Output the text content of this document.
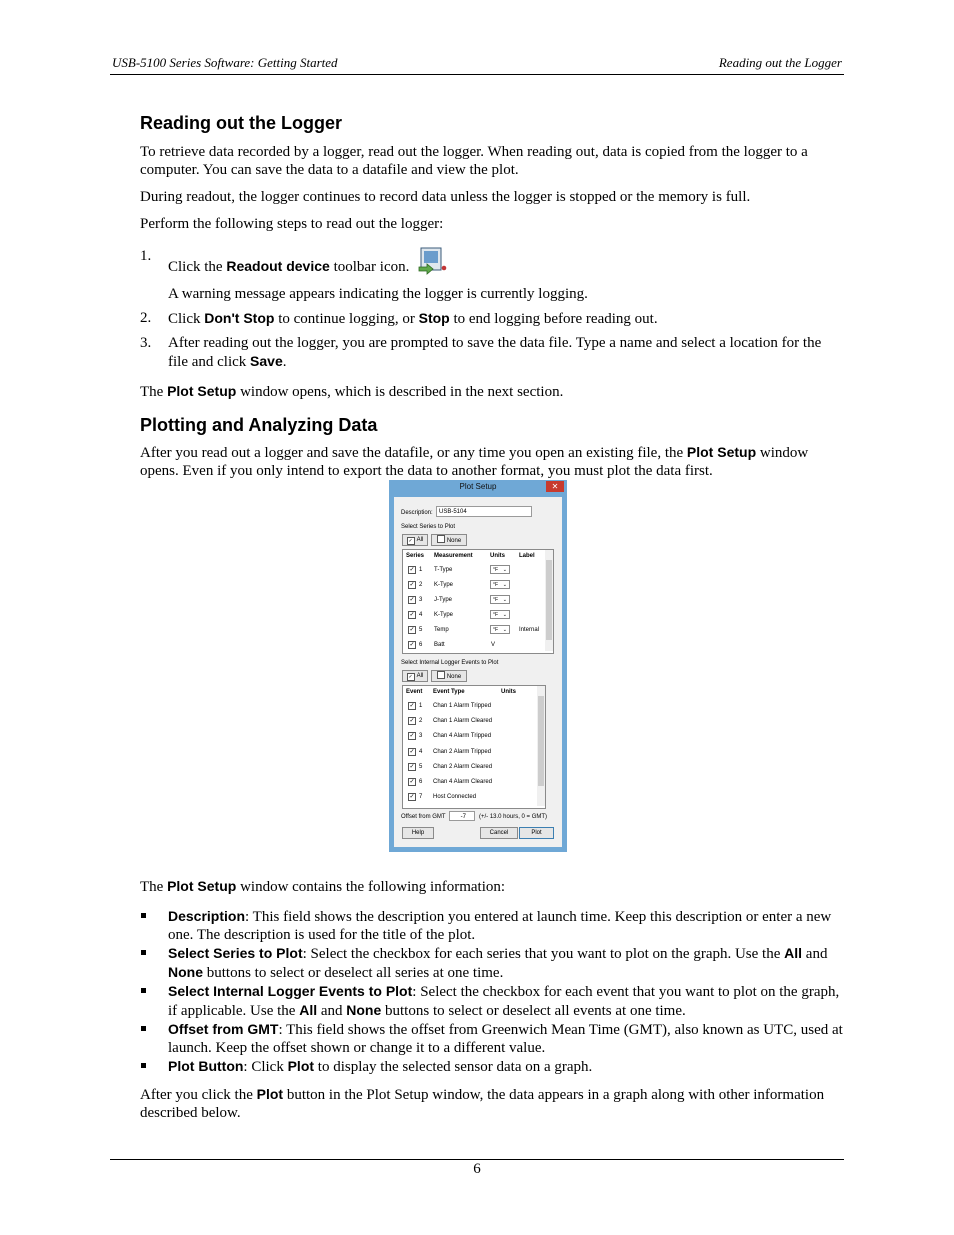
USB-5100 Series Software: Getting Started	Reading out the Logger
Reading out the Logger

To retrieve data recorded by a logger, read out the logger. When reading out, data is copied from the logger to a computer. You can save the data to a datafile and view the plot.

During readout, the logger continues to record data unless the logger is stopped or the memory is full.

Perform the following steps to read out the logger:

1.
Click the Readout device toolbar icon.
A warning message appears indicating the logger is currently logging.
2. Click Don't Stop to continue logging, or Stop to end logging before reading out.
3. After reading out the logger, you are prompted to save the data file. Type a name and select a location for the file and click Save.

The Plot Setup window opens, which is described in the next section.

Plotting and Analyzing Data

After you read out a logger and save the datafile, or any time you open an existing file, the Plot Setup window opens. Even if you only intend to export the data to another format, you must plot the data first.

The Plot Setup window contains the following information:

Description: This field shows the description you entered at launch time. Keep this description or enter a new one. The description is used for the title of the plot.
Select Series to Plot: Select the checkbox for each series that you want to plot on the graph. Use the All and None buttons to select or deselect all series at one time.
Select Internal Logger Events to Plot: Select the checkbox for each event that you want to plot on the graph, if applicable. Use the All and None buttons to select or deselect all events at one time.
Offset from GMT: This field shows the offset from Greenwich Mean Time (GMT), also known as UTC, used at launch. Keep the offset shown or change it to a different value.
Plot Button: Click Plot to display the selected sensor data on a graph.

After you click the Plot button in the Plot Setup window, the data appears in a graph along with other information described below.

Plot Setup	✕
Description:	USB-5104
Select Series to Plot
✓ All	None
Series Measurement	Units Label
✓ 1 T-Type	°F ⌄
✓ 2 K-Type	°F ⌄
✓ 3 J-Type	°F ⌄
✓ 4 K-Type	°F ⌄
✓ 5 Temp	°F ⌄ Internal
✓ 6 Batt	V
Select Internal Logger Events to Plot
✓ All	None
Event Event Type	Units
✓ 1 Chan 1 Alarm Tripped
✓ 2 Chan 1 Alarm Cleared
✓ 3 Chan 4 Alarm Tripped
✓ 4 Chan 2 Alarm Tripped
✓ 5 Chan 2 Alarm Cleared
✓ 6 Chan 4 Alarm Cleared
✓ 7 Host Connected
Offset from GMT	-7	(+/- 13.0 hours, 0 = GMT)
Help	Cancel	Plot
6
